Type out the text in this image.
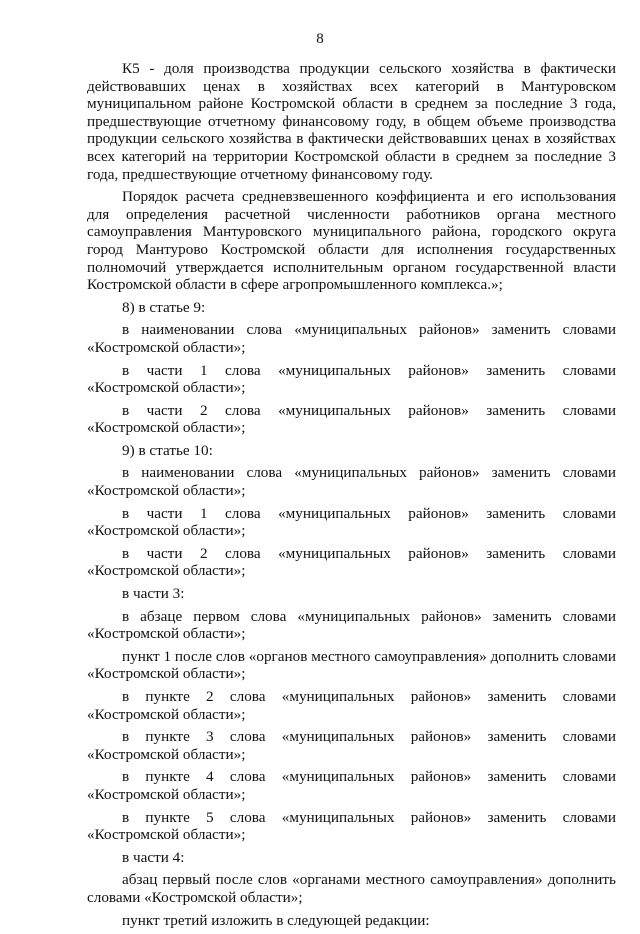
8

К5 - доля производства продукции сельского хозяйства в фактически действовавших ценах в хозяйствах всех категорий в Мантуровском муниципальном районе Костромской области в среднем за последние 3 года, предшествующие отчетному финансовому году, в общем объеме производства продукции сельского хозяйства в фактически действовавших ценах в хозяйствах всех категорий на территории Костромской области в среднем за последние 3 года, предшествующие отчетному финансовому году.

Порядок расчета средневзвешенного коэффициента и его использования для определения расчетной численности работников органа местного самоуправления Мантуровского муниципального района, городского округа город Мантурово Костромской области для исполнения государственных полномочий утверждается исполнительным органом государственной власти Костромской области в сфере агропромышленного комплекса.»;

8) в статье 9:

в наименовании слова «муниципальных районов» заменить словами «Костромской области»;

в части 1 слова «муниципальных районов» заменить словами «Костромской области»;

в части 2 слова «муниципальных районов» заменить словами «Костромской области»;

9) в статье 10:

в наименовании слова «муниципальных районов» заменить словами «Костромской области»;

в части 1 слова «муниципальных районов» заменить словами «Костромской области»;

в части 2 слова «муниципальных районов» заменить словами «Костромской области»;

в части 3:

в абзаце первом слова «муниципальных районов» заменить словами «Костромской области»;

пункт 1 после слов «органов местного самоуправления» дополнить словами «Костромской области»;

в пункте 2 слова «муниципальных районов» заменить словами «Костромской области»;

в пункте 3 слова «муниципальных районов» заменить словами «Костромской области»;

в пункте 4 слова «муниципальных районов» заменить словами «Костромской области»;

в пункте 5 слова «муниципальных районов» заменить словами «Костромской области»;

в части 4:

абзац первый после слов «органами местного самоуправления» дополнить словами «Костромской области»;

пункт третий изложить в следующей редакции:
